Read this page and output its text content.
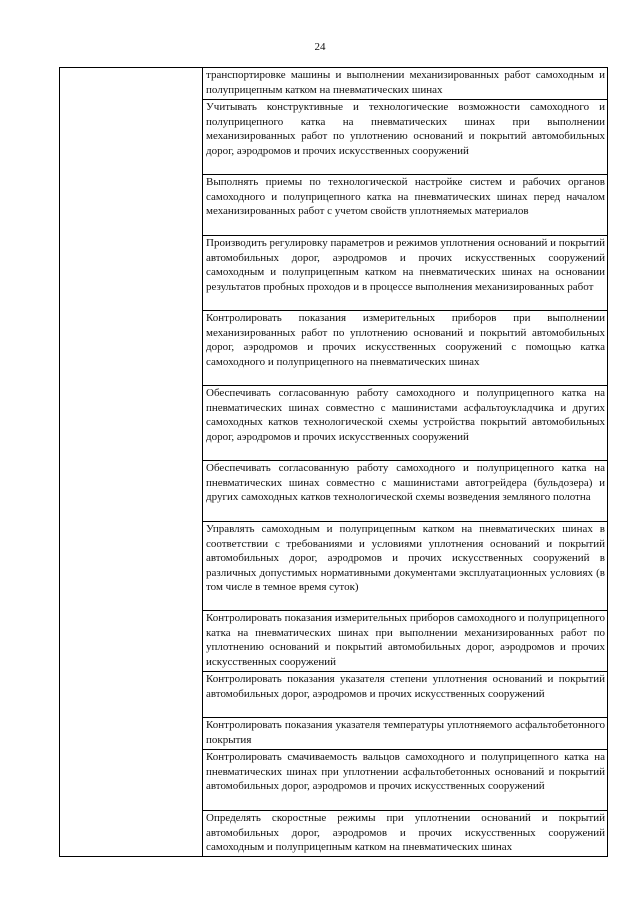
24
	транспортировке машины и выполнении механизированных работ самоходным и полуприцепным катком на пневматических шинах
Учитывать конструктивные и технологические возможности самоходного и полуприцепного катка на пневматических шинах при выполнении механизированных работ по уплотнению оснований и покрытий автомобильных дорог, аэродромов и прочих искусственных сооружений
Выполнять приемы по технологической настройке систем и рабочих органов самоходного и полуприцепного катка на пневматических шинах перед началом механизированных работ с учетом свойств уплотняемых материалов
Производить регулировку параметров и режимов уплотнения оснований и покрытий автомобильных дорог, аэродромов и прочих искусственных сооружений самоходным и полуприцепным катком на пневматических шинах на основании результатов пробных проходов и в процессе выполнения механизированных работ
Контролировать показания измерительных приборов при выполнении механизированных работ по уплотнению оснований и покрытий автомобильных дорог, аэродромов и прочих искусственных сооружений с помощью катка самоходного и полуприцепного на пневматических шинах
Обеспечивать согласованную работу самоходного и полуприцепного катка на пневматических шинах совместно с машинистами асфальтоукладчика и других самоходных катков технологической схемы устройства покрытий автомобильных дорог, аэродромов и прочих искусственных сооружений
Обеспечивать согласованную работу самоходного и полуприцепного катка на пневматических шинах совместно с машинистами автогрейдера (бульдозера) и других самоходных катков технологической схемы возведения земляного полотна
Управлять самоходным и полуприцепным катком на пневматических шинах в соответствии с требованиями и условиями уплотнения оснований и покрытий автомобильных дорог, аэродромов и прочих искусственных сооружений в различных допустимых нормативными документами эксплуатационных условиях (в том числе в темное время суток)
Контролировать показания измерительных приборов самоходного и полуприцепного катка на пневматических шинах при выполнении механизированных работ по уплотнению оснований и покрытий автомобильных дорог, аэродромов и прочих искусственных сооружений
Контролировать показания указателя степени уплотнения оснований и покрытий автомобильных дорог, аэродромов и прочих искусственных сооружений
Контролировать показания указателя температуры уплотняемого асфальтобетонного покрытия
Контролировать смачиваемость вальцов самоходного и полуприцепного катка на пневматических шинах при уплотнении асфальтобетонных оснований и покрытий автомобильных дорог, аэродромов и прочих искусственных сооружений
Определять скоростные режимы при уплотнении оснований и покрытий автомобильных дорог, аэродромов и прочих искусственных сооружений самоходным и полуприцепным катком на пневматических шинах
